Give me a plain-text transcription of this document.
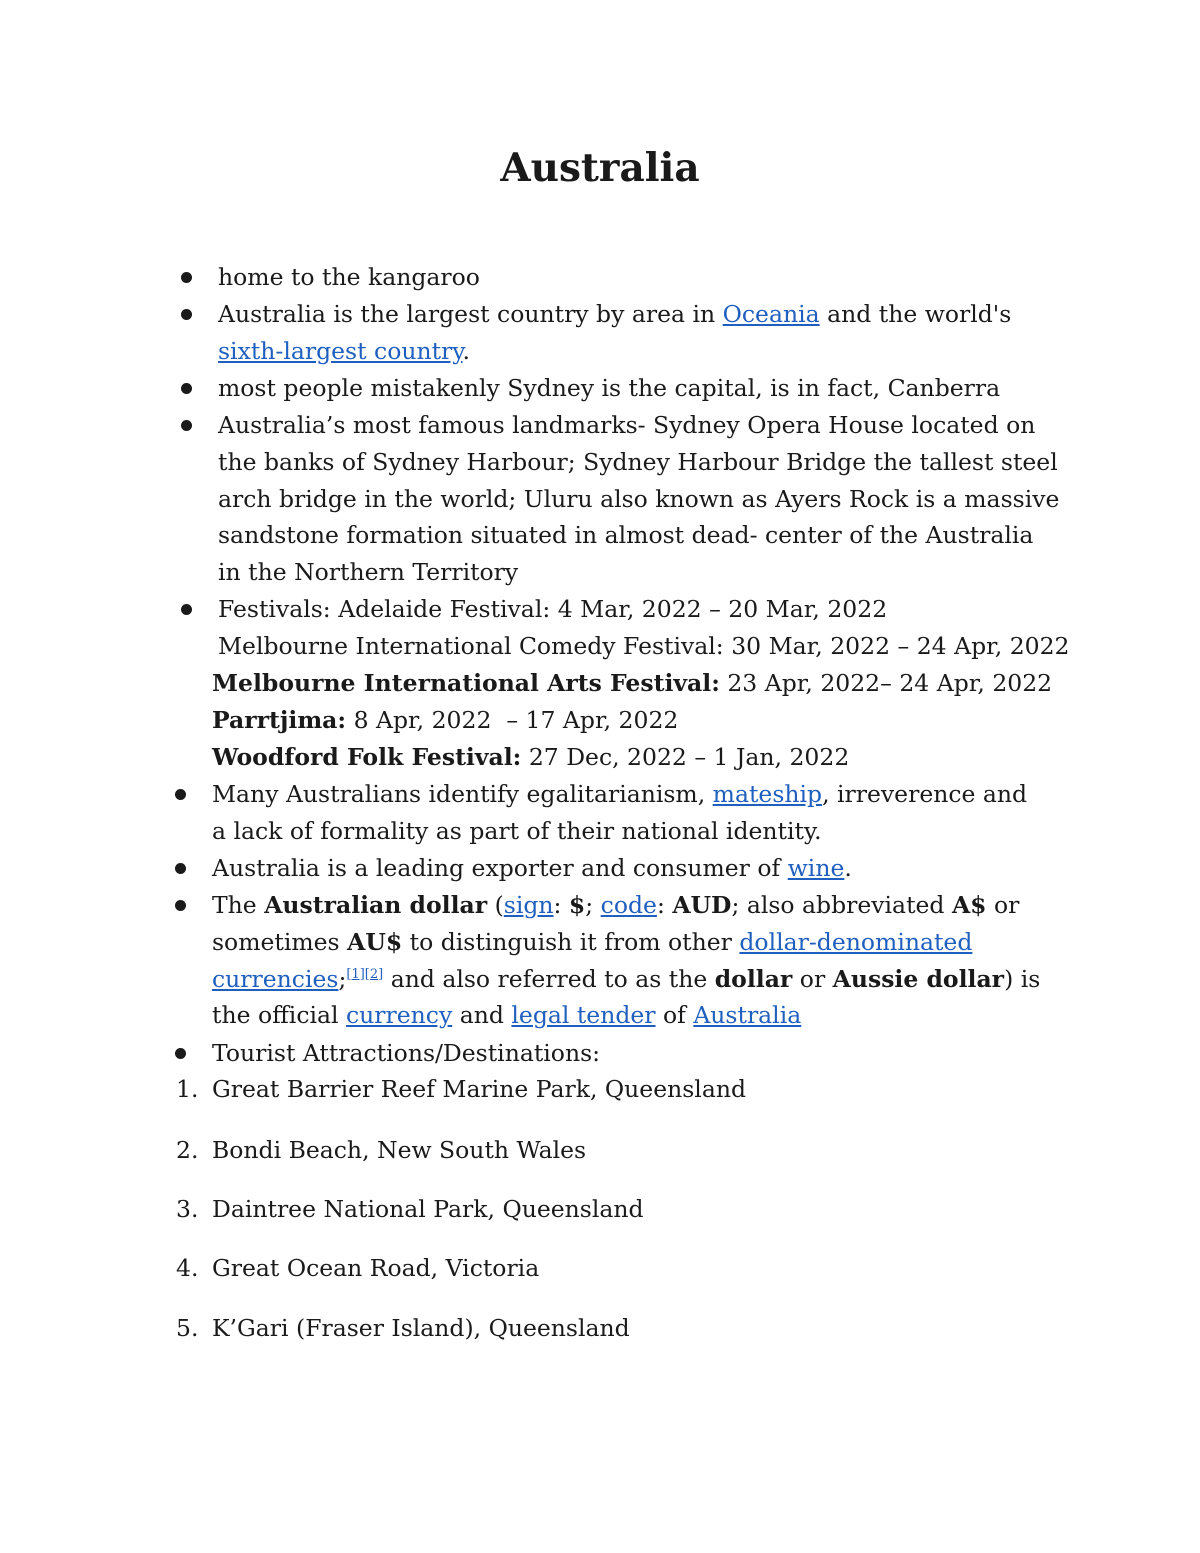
Australia
home to the kangaroo
Australia is the largest country by area in Oceania and the world's sixth-largest country.
most people mistakenly Sydney is the capital, is in fact, Canberra
Australia’s most famous landmarks- Sydney Opera House located on the banks of Sydney Harbour; Sydney Harbour Bridge the tallest steel arch bridge in the world; Uluru also known as Ayers Rock is a massive sandstone formation situated in almost dead- center of the Australia in the Northern Territory
Festivals: Adelaide Festival: 4 Mar, 2022 – 20 Mar, 2022
Melbourne International Comedy Festival: 30 Mar, 2022 – 24 Apr, 2022
Melbourne International Arts Festival: 23 Apr, 2022– 24 Apr, 2022
Parrtjima: 8 Apr, 2022  – 17 Apr, 2022
Woodford Folk Festival: 27 Dec, 2022 – 1 Jan, 2022
Many Australians identify egalitarianism, mateship, irreverence and a lack of formality as part of their national identity.
Australia is a leading exporter and consumer of wine.
The Australian dollar (sign: $; code: AUD; also abbreviated A$ or sometimes AU$ to distinguish it from other dollar-denominated currencies;[1][2] and also referred to as the dollar or Aussie dollar) is the official currency and legal tender of Australia
Tourist Attractions/Destinations:
1. Great Barrier Reef Marine Park, Queensland
2. Bondi Beach, New South Wales
3. Daintree National Park, Queensland
4. Great Ocean Road, Victoria
5. K’Gari (Fraser Island), Queensland
